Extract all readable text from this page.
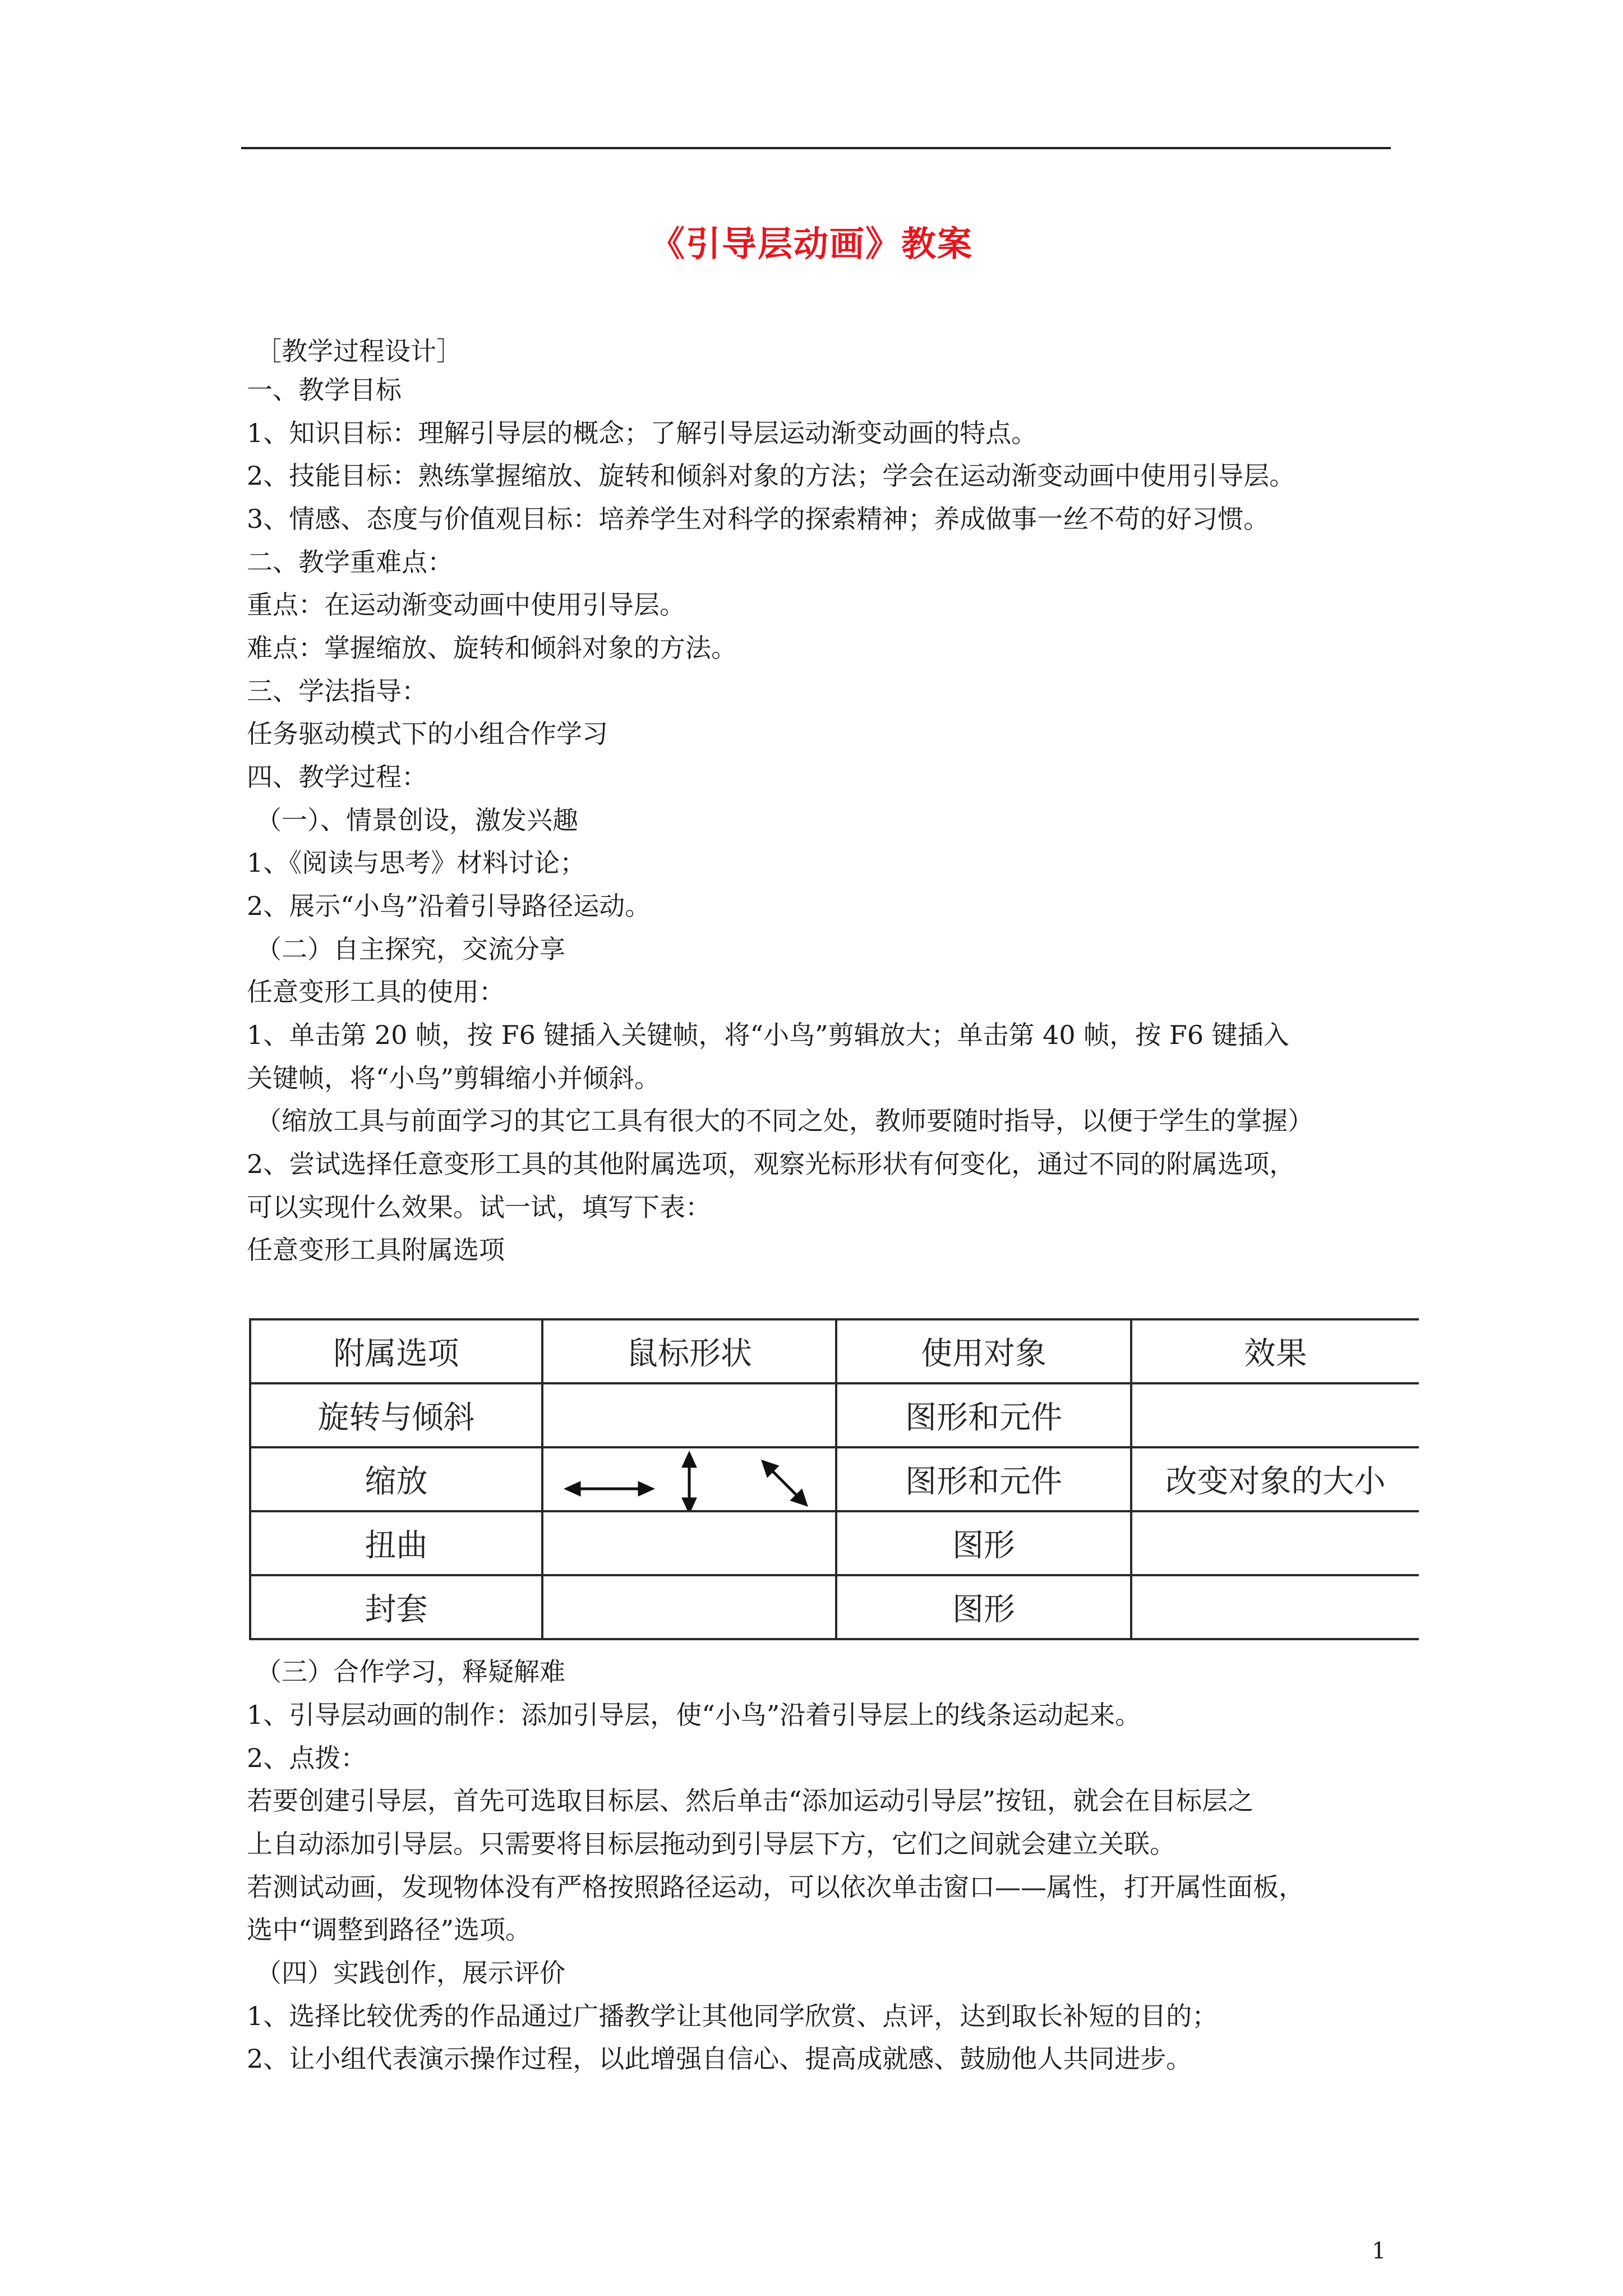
《引导层动画》教案
［教学过程设计］
一、教学目标
1、知识目标：理解引导层的概念；了解引导层运动渐变动画的特点。
2、技能目标：熟练掌握缩放、旋转和倾斜对象的方法；学会在运动渐变动画中使用引导层。
3、情感、态度与价值观目标：培养学生对科学的探索精神；养成做事一丝不苟的好习惯。
二、教学重难点：
重点：在运动渐变动画中使用引导层。
难点：掌握缩放、旋转和倾斜对象的方法。
三、学法指导：
任务驱动模式下的小组合作学习
四、教学过程：
（一）、情景创设，激发兴趣
1、《阅读与思考》材料讨论；
2、展示“小鸟”沿着引导路径运动。
（二）自主探究，交流分享
任意变形工具的使用：
1、单击第 20 帧，按 F6 键插入关键帧，将“小鸟”剪辑放大；单击第 40 帧，按 F6 键插入
关键帧，将“小鸟”剪辑缩小并倾斜。
（缩放工具与前面学习的其它工具有很大的不同之处，教师要随时指导，以便于学生的掌握）
2、尝试选择任意变形工具的其他附属选项，观察光标形状有何变化，通过不同的附属选项，
可以实现什么效果。试一试，填写下表：
任意变形工具附属选项
附属选项	鼠标形状	使用对象	效果
旋转与倾斜		图形和元件	
缩放		图形和元件	改变对象的大小
扭曲		图形	
封套		图形	
（三）合作学习，释疑解难
1、引导层动画的制作：添加引导层，使“小鸟”沿着引导层上的线条运动起来。
2、点拨：
若要创建引导层，首先可选取目标层、然后单击“添加运动引导层”按钮，就会在目标层之
上自动添加引导层。只需要将目标层拖动到引导层下方，它们之间就会建立关联。
若测试动画，发现物体没有严格按照路径运动，可以依次单击窗口——属性，打开属性面板，
选中“调整到路径”选项。
（四）实践创作，展示评价
1、选择比较优秀的作品通过广播教学让其他同学欣赏、点评，达到取长补短的目的；
2、让小组代表演示操作过程，以此增强自信心、提高成就感、鼓励他人共同进步。
1
